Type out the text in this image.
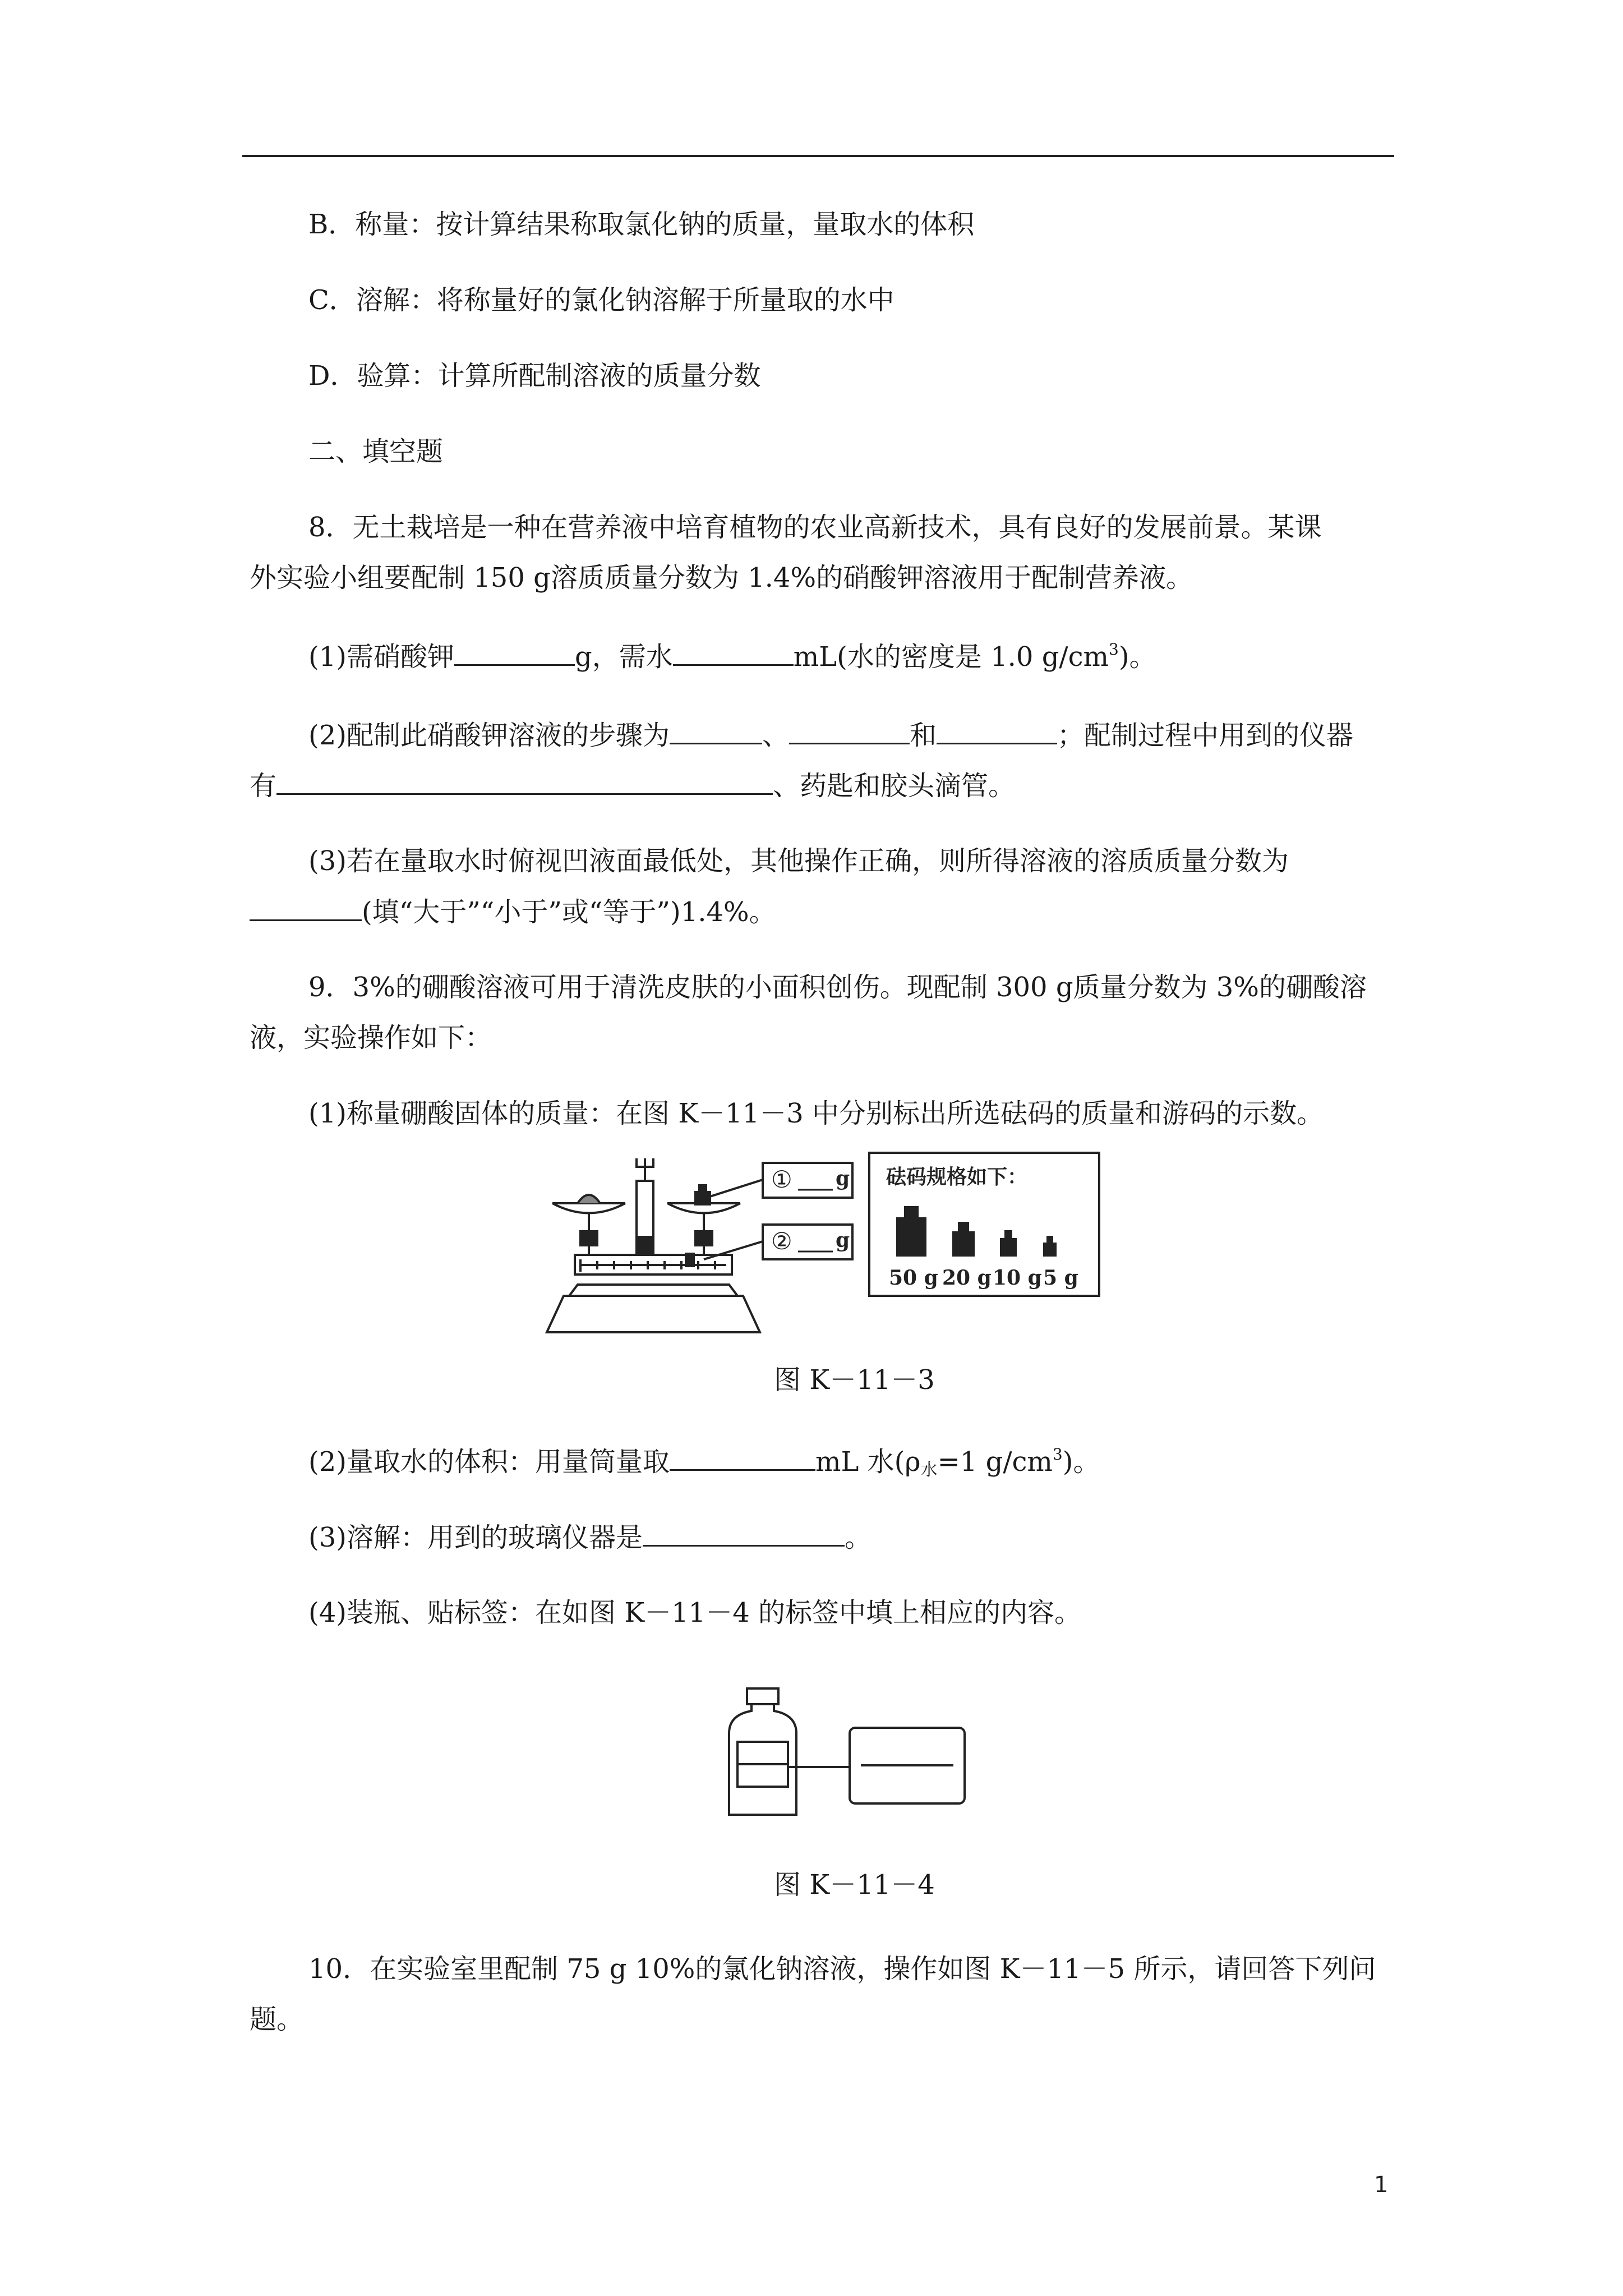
B．称量：按计算结果称取氯化钠的质量，量取水的体积
C．溶解：将称量好的氯化钠溶解于所量取的水中
D．验算：计算所配制溶液的质量分数
二、填空题
8．无土栽培是一种在营养液中培育植物的农业高新技术，具有良好的发展前景。某课
外实验小组要配制 150 g溶质质量分数为 1.4%的硝酸钾溶液用于配制营养液。
(1)需硝酸钾	g，需水	mL(水的密度是 1.0 $g/cm^3$)。
(2)配制此硝酸钾溶液的步骤为	、	和	；配制过程中用到的仪器
有	、药匙和胶头滴管。
(3)若在量取水时俯视凹液面最低处，其他操作正确，则所得溶液的溶质质量分数为
(填“大于”“小于”或“等于”)1.4%。
9．3%的硼酸溶液可用于清洗皮肤的小面积创伤。现配制 300 g质量分数为 3%的硼酸溶
液，实验操作如下：
(1)称量硼酸固体的质量：在图 K－11－3 中分别标出所选砝码的质量和游码的示数。
① g
② g
砝码规格如下：
50 g 20 g 10 g 5 g
图 K－11－3
(2)量取水的体积：用量筒量取	mL 水($\rho_水=1$ $g/cm^3$)。
(3)溶解：用到的玻璃仪器是	。
(4)装瓶、贴标签：在如图 K－11－4 的标签中填上相应的内容。
图 K－11－4
10．在实验室里配制 75 g 10%的氯化钠溶液，操作如图 K－11－5 所示，请回答下列问
题。
1
